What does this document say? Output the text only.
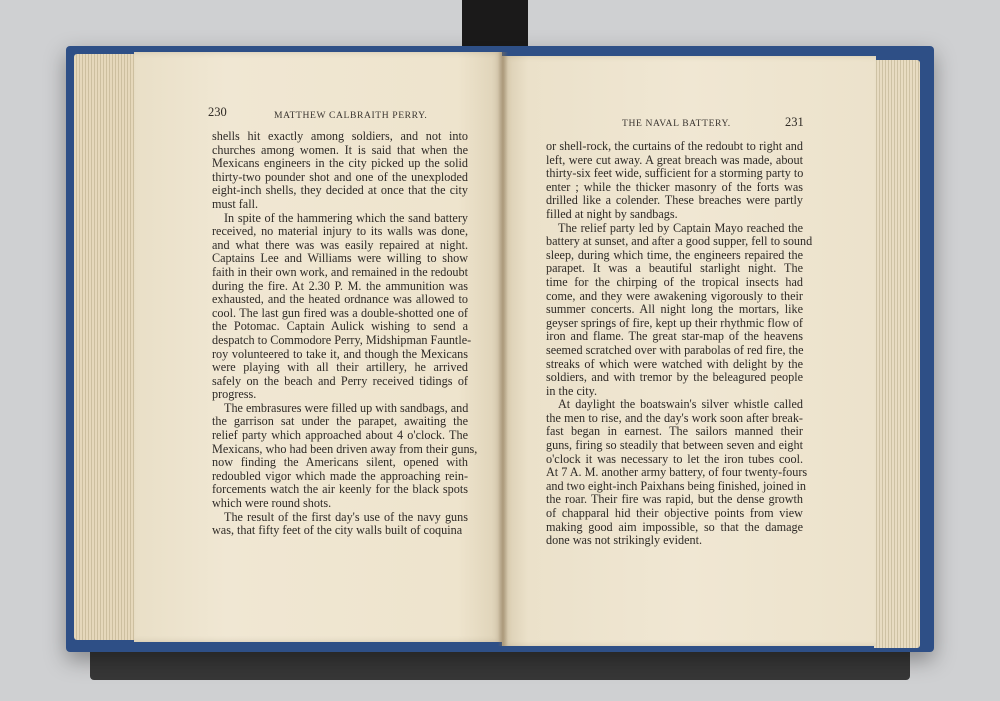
230	MATTHEW CALBRAITH PERRY.
shells hit exactly among soldiers, and not into
churches among women. It is said that when the
Mexicans engineers in the city picked up the solid
thirty-two pounder shot and one of the unexploded
eight-inch shells, they decided at once that the city
must fall.
In spite of the hammering which the sand battery
received, no material injury to its walls was done,
and what there was was easily repaired at night.
Captains Lee and Williams were willing to show
faith in their own work, and remained in the redoubt
during the fire. At 2.30 P. M. the ammunition was
exhausted, and the heated ordnance was allowed to
cool. The last gun fired was a double-shotted one of
the Potomac. Captain Aulick wishing to send a
despatch to Commodore Perry, Midshipman Fauntle-
roy volunteered to take it, and though the Mexicans
were playing with all their artillery, he arrived
safely on the beach and Perry received tidings of
progress.
The embrasures were filled up with sandbags, and
the garrison sat under the parapet, awaiting the
relief party which approached about 4 o'clock. The
Mexicans, who had been driven away from their guns,
now finding the Americans silent, opened with
redoubled vigor which made the approaching rein-
forcements watch the air keenly for the black spots
which were round shots.
The result of the first day's use of the navy guns
was, that fifty feet of the city walls built of coquina
THE NAVAL BATTERY.	231
or shell-rock, the curtains of the redoubt to right and
left, were cut away. A great breach was made, about
thirty-six feet wide, sufficient for a storming party to
enter ; while the thicker masonry of the forts was
drilled like a colender. These breaches were partly
filled at night by sandbags.
The relief party led by Captain Mayo reached the
battery at sunset, and after a good supper, fell to sound
sleep, during which time, the engineers repaired the
parapet. It was a beautiful starlight night. The
time for the chirping of the tropical insects had
come, and they were awakening vigorously to their
summer concerts. All night long the mortars, like
geyser springs of fire, kept up their rhythmic flow of
iron and flame. The great star-map of the heavens
seemed scratched over with parabolas of red fire, the
streaks of which were watched with delight by the
soldiers, and with tremor by the beleagured people
in the city.
At daylight the boatswain's silver whistle called
the men to rise, and the day's work soon after break-
fast began in earnest. The sailors manned their
guns, firing so steadily that between seven and eight
o'clock it was necessary to let the iron tubes cool.
At 7 A. M. another army battery, of four twenty-fours
and two eight-inch Paixhans being finished, joined in
the roar. Their fire was rapid, but the dense growth
of chapparal hid their objective points from view
making good aim impossible, so that the damage
done was not strikingly evident.
